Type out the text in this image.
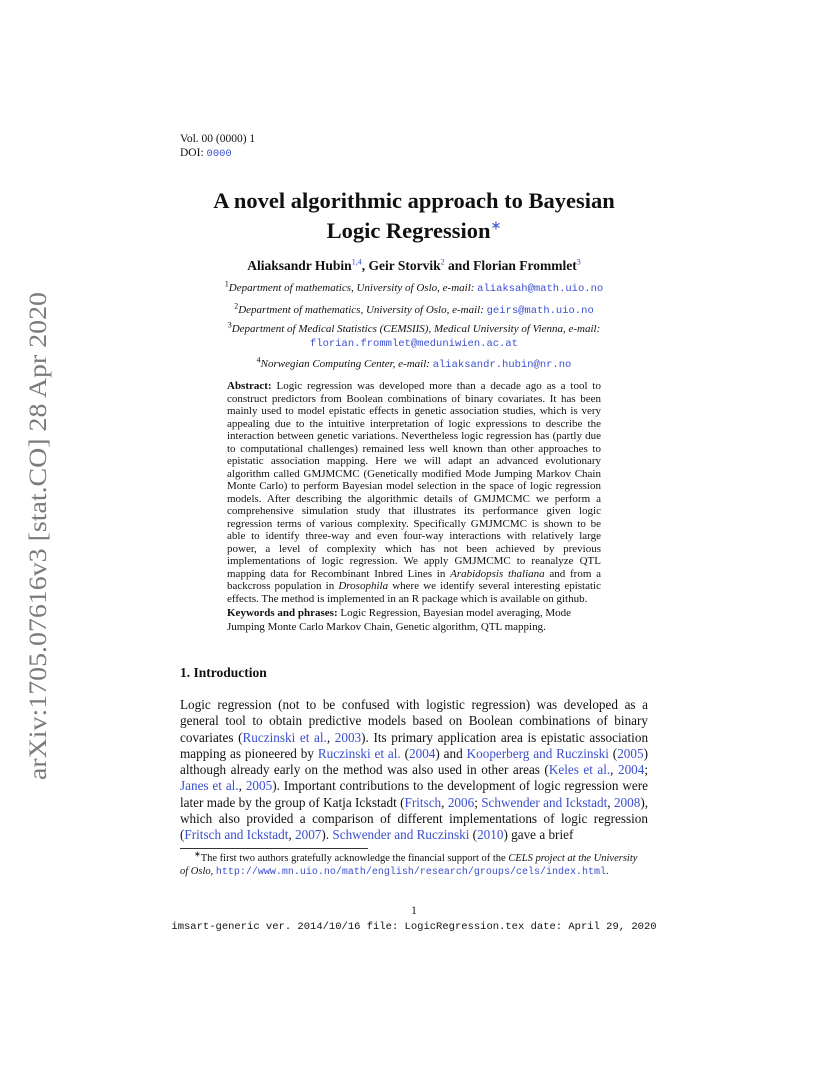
arXiv:1705.07616v3 [stat.CO] 28 Apr 2020
Vol. 00 (0000) 1
DOI: 0000
A novel algorithmic approach to Bayesian
Logic Regression∗
Aliaksandr Hubin$^{1,4}$, Geir Storvik$^2$ and Florian Frommlet$^3$
$^1$Department of mathematics, University of Oslo, e-mail: aliaksah@math.uio.no
$^2$Department of mathematics, University of Oslo, e-mail: geirs@math.uio.no
$^3$Department of Medical Statistics (CEMSIIS), Medical University of Vienna, e-mail:
florian.frommlet@meduniwien.ac.at
$^4$Norwegian Computing Center, e-mail: aliaksandr.hubin@nr.no
Abstract: Logic regression was developed more than a decade ago as a tool to construct predictors from Boolean combinations of binary covariates. It has been mainly used to model epistatic effects in genetic association studies, which is very appealing due to the intuitive interpretation of logic expressions to describe the interaction between genetic variations. Nevertheless logic regression has (partly due to computational challenges) remained less well known than other approaches to epistatic association mapping. Here we will adapt an advanced evolutionary algorithm called GMJMCMC (Genetically modified Mode Jumping Markov Chain Monte Carlo) to perform Bayesian model selection in the space of logic regression models. After describing the algorithmic details of GMJMCMC we perform a comprehensive simulation study that illustrates its performance given logic regression terms of various complexity. Specifically GMJMCMC is shown to be able to identify three-way and even four-way interactions with relatively large power, a level of complexity which has not been achieved by previous implementations of logic regression. We apply GMJMCMC to reanalyze QTL mapping data for Recombinant Inbred Lines in Arabidopsis thaliana and from a backcross population in Drosophila where we identify several interesting epistatic effects. The method is implemented in an R package which is available on github.
Keywords and phrases: Logic Regression, Bayesian model averaging, Mode Jumping Monte Carlo Markov Chain, Genetic algorithm, QTL mapping.
1. Introduction
Logic regression (not to be confused with logistic regression) was developed as a general tool to obtain predictive models based on Boolean combinations of binary covariates (Ruczinski et al., 2003). Its primary application area is epistatic association mapping as pioneered by Ruczinski et al. (2004) and Kooperberg and Ruczinski (2005) although already early on the method was also used in other areas (Keles et al., 2004; Janes et al., 2005). Important contributions to the development of logic regression were later made by the group of Katja Ickstadt (Fritsch, 2006; Schwender and Ickstadt, 2008), which also provided a comparison of different implementations of logic regression (Fritsch and Ickstadt, 2007). Schwender and Ruczinski (2010) gave a brief
∗The first two authors gratefully acknowledge the financial support of the CELS project at the University of Oslo, http://www.mn.uio.no/math/english/research/groups/cels/index.html.
1
imsart-generic ver. 2014/10/16 file: LogicRegression.tex date: April 29, 2020
